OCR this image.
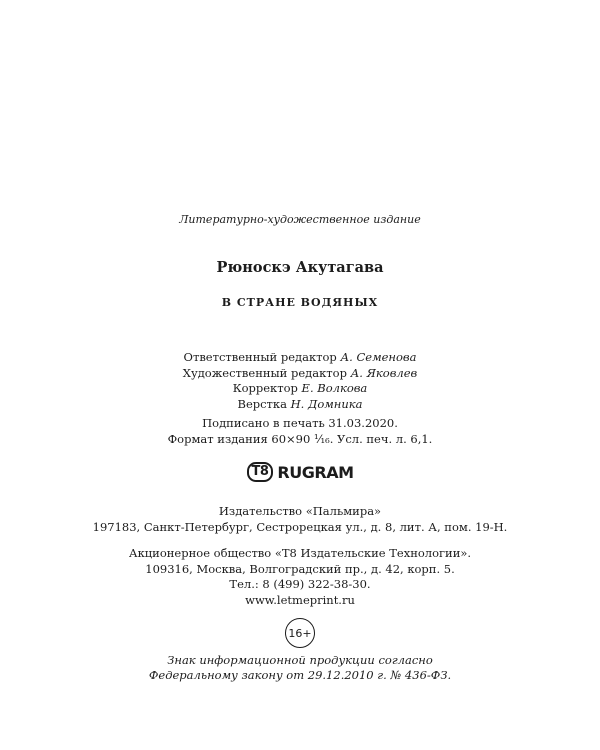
Литературно-художественное издание
Рюноскэ Акутагава
В СТРАНЕ ВОДЯНЫХ
Ответственный редактор А. Семенова
Художественный редактор А. Яковлев
Корректор Е. Волкова
Верстка Н. Домника
Подписано в печать 31.03.2020.
Формат издания 60×90 ¹⁄₁₆. Усл. печ. л. 6,1.
T8 RUGRAM
Издательство «Пальмира»
197183, Санкт-Петербург, Сестрорецкая ул., д. 8, лит. А, пом. 19-Н.
Акционерное общество «Т8 Издательские Технологии».
109316, Москва, Волгоградский пр., д. 42, корп. 5.
Тел.: 8 (499) 322-38-30.
www.letmeprint.ru
16+
Знак информационной продукции согласно
Федеральному закону от 29.12.2010 г. № 436-ФЗ.
